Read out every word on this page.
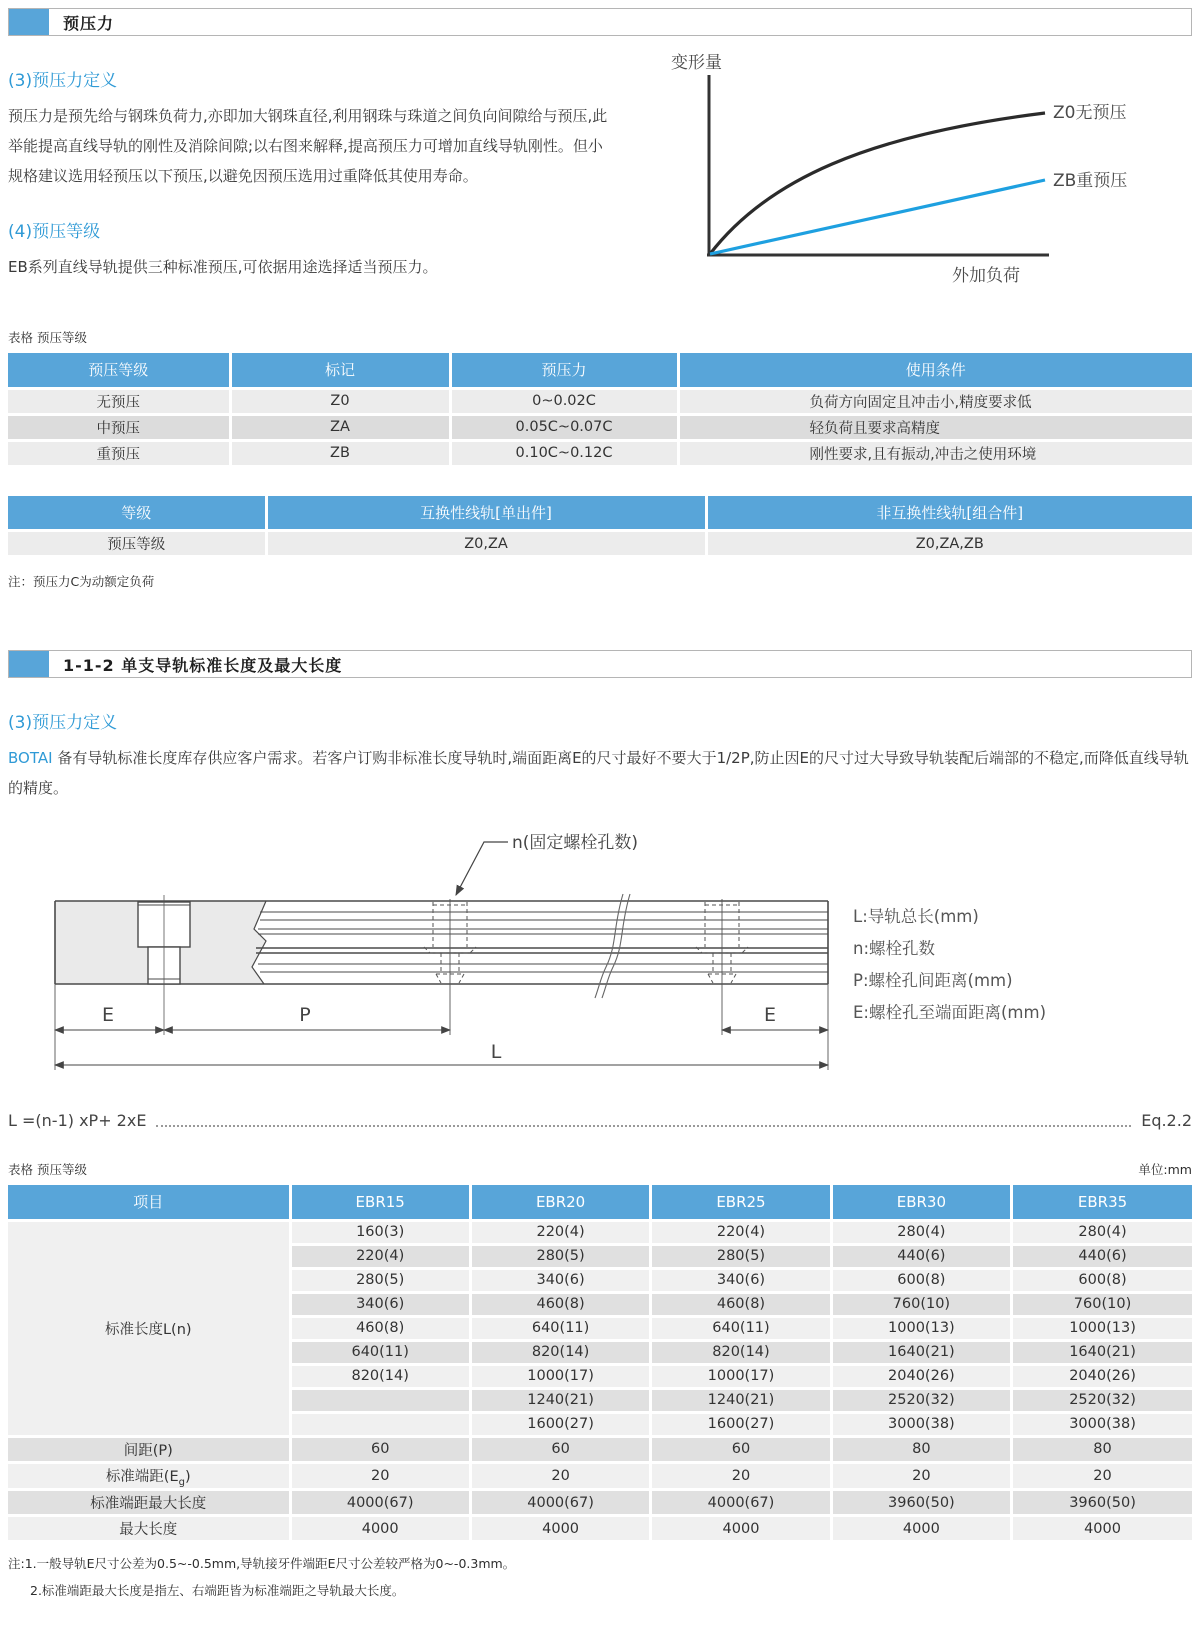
预压力
(3)预压力定义

预压力是预先给与钢珠负荷力,亦即加大钢珠直径,利用钢珠与珠道之间负向间隙给与预压,此举能提高直线导轨的刚性及消除间隙;以右图来解释,提高预压力可增加直线导轨刚性。但小规格建议选用轻预压以下预压,以避免因预压选用过重降低其使用寿命。

(4)预压等级

EB系列直线导轨提供三种标准预压,可依据用途选择适当预压力。

变形量
外加负荷
Z0无预压
ZB重预压
表格 预压等级
预压等级	标记	预压力	使用条件
无预压	Z0	0~0.02C	负荷方向固定且冲击小,精度要求低
中预压	ZA	0.05C~0.07C	轻负荷且要求高精度
重预压	ZB	0.10C~0.12C	刚性要求,且有振动,冲击之使用环境
等级	互换性线轨[单出件]	非互换性线轨[组合件]
预压等级	Z0,ZA	Z0,ZA,ZB

注：预压力C为动额定负荷

1-1-2 单支导轨标准长度及最大长度
(3)预压力定义

BOTAI 备有导轨标准长度库存供应客户需求。若客户订购非标准长度导轨时,端面距离E的尺寸最好不要大于1/2P,防止因E的尺寸过大导致导轨装配后端部的不稳定,而降低直线导轨的精度。

n(固定螺栓孔数)
E	P	E
L
L:导轨总长(mm)
n:螺栓孔数
P:螺栓孔间距离(mm)
E:螺栓孔至端面距离(mm)
L =(n-1) xP+ 2xE	Eq.2.2
表格 预压等级	单位:mm
项目	EBR15	EBR20	EBR25	EBR30	EBR35
标准长度L(n)	160(3)	220(4)	220(4)	280(4)	280(4)
	220(4)	280(5)	280(5)	440(6)	440(6)
	280(5)	340(6)	340(6)	600(8)	600(8)
	340(6)	460(8)	460(8)	760(10)	760(10)
	460(8)	640(11)	640(11)	1000(13)	1000(13)
	640(11)	820(14)	820(14)	1640(21)	1640(21)
	820(14)	1000(17)	1000(17)	2040(26)	2040(26)
		1240(21)	1240(21)	2520(32)	2520(32)
		1600(27)	1600(27)	3000(38)	3000(38)
间距(P)	60	60	60	80	80
标准端距$(E_g)$	20	20	20	20	20
标准端距最大长度	4000(67)	4000(67)	4000(67)	3960(50)	3960(50)
最大长度	4000	4000	4000	4000	4000

注:1.一般导轨E尺寸公差为0.5~-0.5mm,导轨接牙件端距E尺寸公差较严格为0~-0.3mm。

2.标准端距最大长度是指左、右端距皆为标准端距之导轨最大长度。
